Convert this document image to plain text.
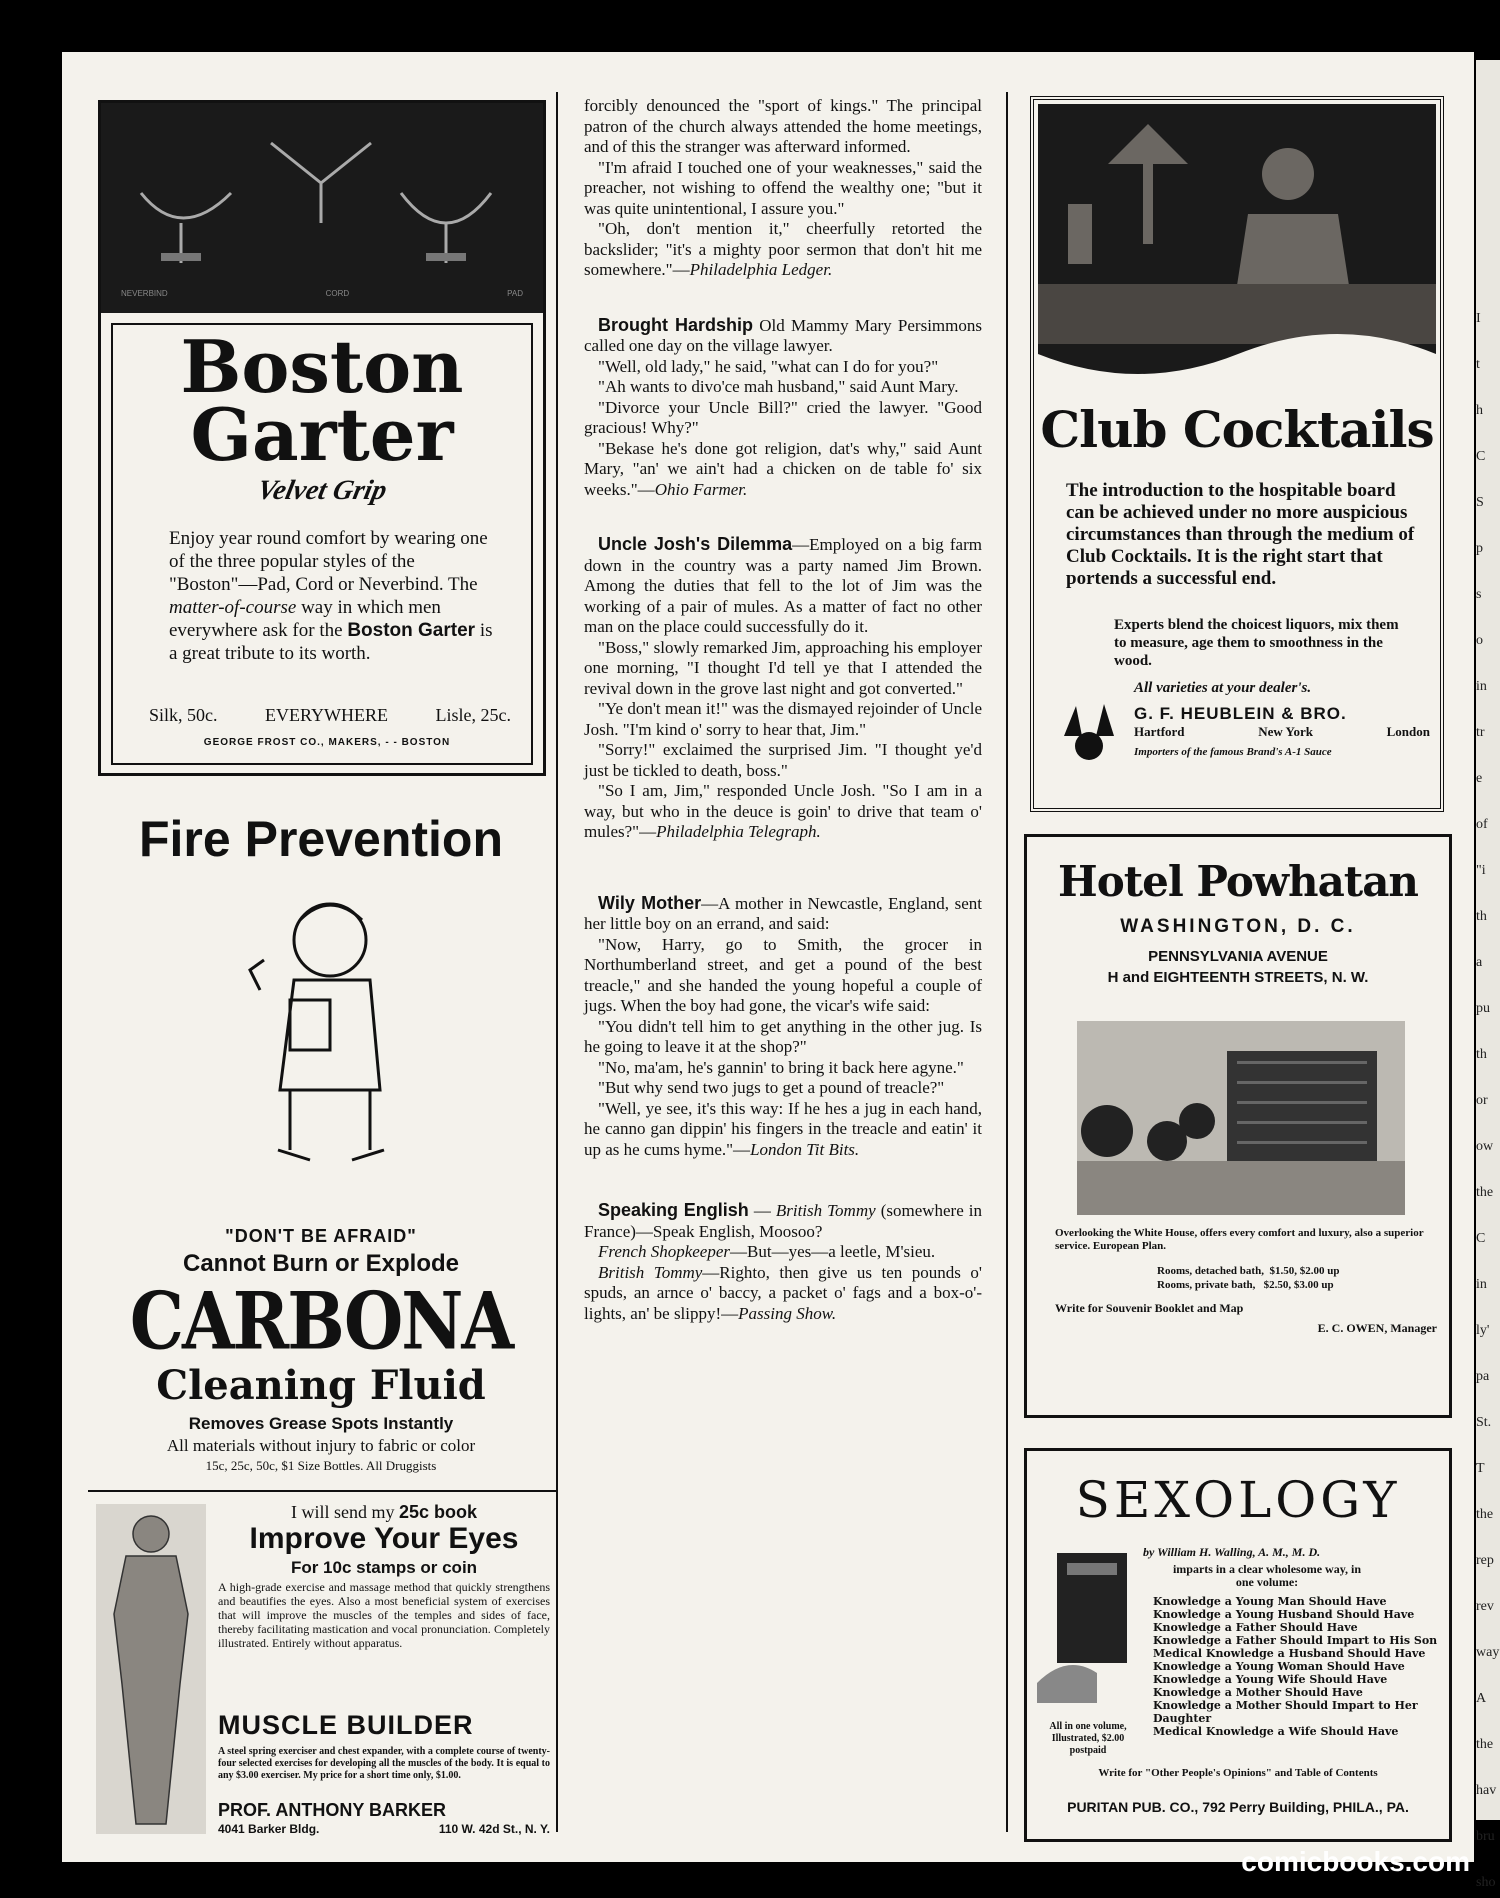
NEVERBIND	CORD	PAD
Boston
Garter
Velvet Grip

Enjoy year round comfort by wearing one of the three popular styles of the "Boston"—Pad, Cord or Neverbind. The matter-of-course way in which men everywhere ask for the Boston Garter is a great tribute to its worth.

Silk, 50c.	EVERYWHERE	Lisle, 25c.
GEORGE FROST CO., MAKERS, - - BOSTON
Fire Prevention
"DON'T BE AFRAID"
Cannot Burn or Explode
CARBONA
Cleaning Fluid
Removes Grease Spots Instantly
All materials without injury to fabric or color
15c, 25c, 50c, $1 Size Bottles. All Druggists
I will send my 25c book
Improve Your Eyes
For 10c stamps or coin

A high-grade exercise and massage method that quickly strengthens and beautifies the eyes. Also a most beneficial system of exercises that will improve the muscles of the temples and sides of face, thereby facilitating mastication and vocal pronunciation. Completely illustrated. Entirely without apparatus.

MUSCLE BUILDER

A steel spring exerciser and chest expander, with a complete course of twenty-four selected exercises for developing all the muscles of the body. It is equal to any $3.00 exerciser. My price for a short time only, $1.00.

PROF. ANTHONY BARKER
4041 Barker Bldg.	110 W. 42d St., N. Y.

forcibly denounced the "sport of kings." The principal patron of the church always attended the home meetings, and of this the stranger was afterward informed.

"I'm afraid I touched one of your weaknesses," said the preacher, not wishing to offend the wealthy one; "but it was quite unintentional, I assure you."

"Oh, don't mention it," cheerfully retorted the backslider; "it's a mighty poor sermon that don't hit me somewhere."—Philadelphia Ledger.

Brought Hardship Old Mammy Mary Persimmons called one day on the village lawyer.

"Well, old lady," he said, "what can I do for you?"

"Ah wants to divo'ce mah husband," said Aunt Mary.

"Divorce your Uncle Bill?" cried the lawyer. "Good gracious! Why?"

"Bekase he's done got religion, dat's why," said Aunt Mary, "an' we ain't had a chicken on de table fo' six weeks."—Ohio Farmer.

Uncle Josh's Dilemma—Employed on a big farm down in the country was a party named Jim Brown. Among the duties that fell to the lot of Jim was the working of a pair of mules. As a matter of fact no other man on the place could successfully do it.

"Boss," slowly remarked Jim, approaching his employer one morning, "I thought I'd tell ye that I attended the revival down in the grove last night and got converted."

"Ye don't mean it!" was the dismayed rejoinder of Uncle Josh. "I'm kind o' sorry to hear that, Jim."

"Sorry!" exclaimed the surprised Jim. "I thought ye'd just be tickled to death, boss."

"So I am, Jim," responded Uncle Josh. "So I am in a way, but who in the deuce is goin' to drive that team o' mules?"—Philadelphia Telegraph.

Wily Mother—A mother in Newcastle, England, sent her little boy on an errand, and said:

"Now, Harry, go to Smith, the grocer in Northumberland street, and get a pound of the best treacle," and she handed the young hopeful a couple of jugs. When the boy had gone, the vicar's wife said:

"You didn't tell him to get anything in the other jug. Is he going to leave it at the shop?"

"No, ma'am, he's gannin' to bring it back here agyne."

"But why send two jugs to get a pound of treacle?"

"Well, ye see, it's this way: If he hes a jug in each hand, he canno gan dippin' his fingers in the treacle and eatin' it up as he cums hyme."—London Tit Bits.

Speaking English — British Tommy (somewhere in France)—Speak English, Moosoo?

French Shopkeeper—But—yes—a leetle, M'sieu.

British Tommy—Righto, then give us ten pounds o' spuds, an arnce o' baccy, a packet o' fags and a box-o'-lights, an' be slippy!—Passing Show.

Club Cocktails

The introduction to the hospitable board can be achieved under no more auspicious circumstances than through the medium of Club Cocktails. It is the right start that portends a successful end.

Experts blend the choicest liquors, mix them to measure, age them to smoothness in the wood.

All varieties at your dealer's.
G. F. HEUBLEIN & BRO.
Hartford	New York	London
Importers of the famous Brand's A-1 Sauce
Hotel Powhatan
WASHINGTON, D. C.
PENNSYLVANIA AVENUE
H and EIGHTEENTH STREETS, N. W.

Overlooking the White House, offers every comfort and luxury, also a superior service. European Plan.

Rooms, detached bath,  $1.50, $2.00 up
Rooms, private bath,   $2.50, $3.00 up
Write for Souvenir Booklet and Map
E. C. OWEN, Manager
SEXOLOGY
by William H. Walling, A. M., M. D.
imparts in a clear wholesome way, in one volume:
Knowledge a Young Man Should Have
Knowledge a Young Husband Should Have
Knowledge a Father Should Have
Knowledge a Father Should Impart to His Son
Medical Knowledge a Husband Should Have
Knowledge a Young Woman Should Have
Knowledge a Young Wife Should Have
Knowledge a Mother Should Have
Knowledge a Mother Should Impart to Her Daughter
Medical Knowledge a Wife Should Have
All in one volume, Illustrated, $2.00 postpaid
Write for "Other People's Opinions" and Table of Contents
PURITAN PUB. CO., 792 Perry Building, PHILA., PA.
I
t
h
C
S
p
s
o
in
tr
e
of
"i
th
a
pu
th
or
ow
the
C
in
ly'
pa
St.
T
the
rep
rev
way
A
the
hav
bru
sho
comicbooks.com
